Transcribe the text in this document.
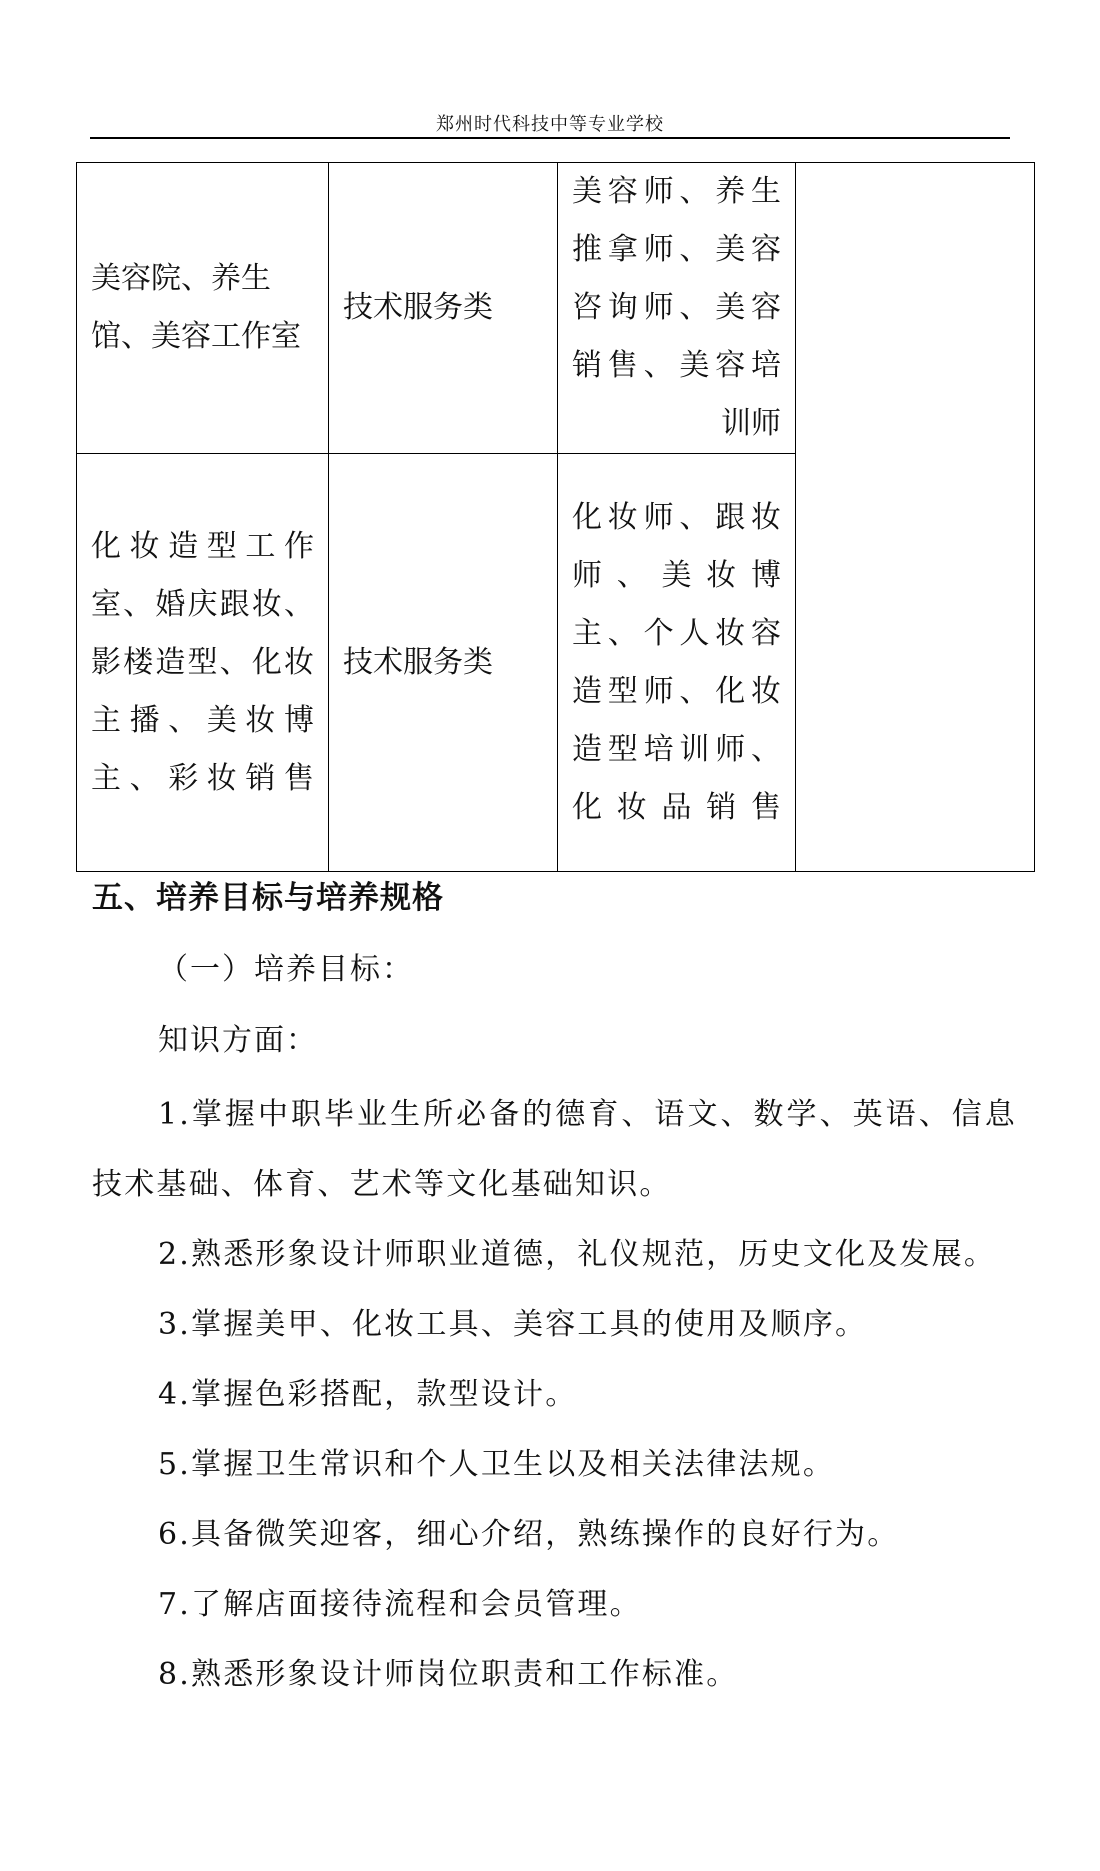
郑州时代科技中等专业学校
美容院、养生馆、美容工作室	技术服务类	美容师、养生推拿师、美容咨询师、美容销售、美容培训师	

化妆造型工作室、婚庆跟妆、影楼造型、化妆主播、美妆博主、彩妆销售	技术服务类	化妆师、跟妆师、美妆博主、个人妆容造型师、化妆造型培训师、化妆品销售	
五、培养目标与培养规格
（一）培养目标：
知识方面：
1.掌握中职毕业生所必备的德育、语文、数学、英语、信息技术基础、体育、艺术等文化基础知识。
2.熟悉形象设计师职业道德，礼仪规范，历史文化及发展。
3.掌握美甲、化妆工具、美容工具的使用及顺序。
4.掌握色彩搭配，款型设计。
5.掌握卫生常识和个人卫生以及相关法律法规。
6.具备微笑迎客，细心介绍，熟练操作的良好行为。
7.了解店面接待流程和会员管理。
8.熟悉形象设计师岗位职责和工作标准。
